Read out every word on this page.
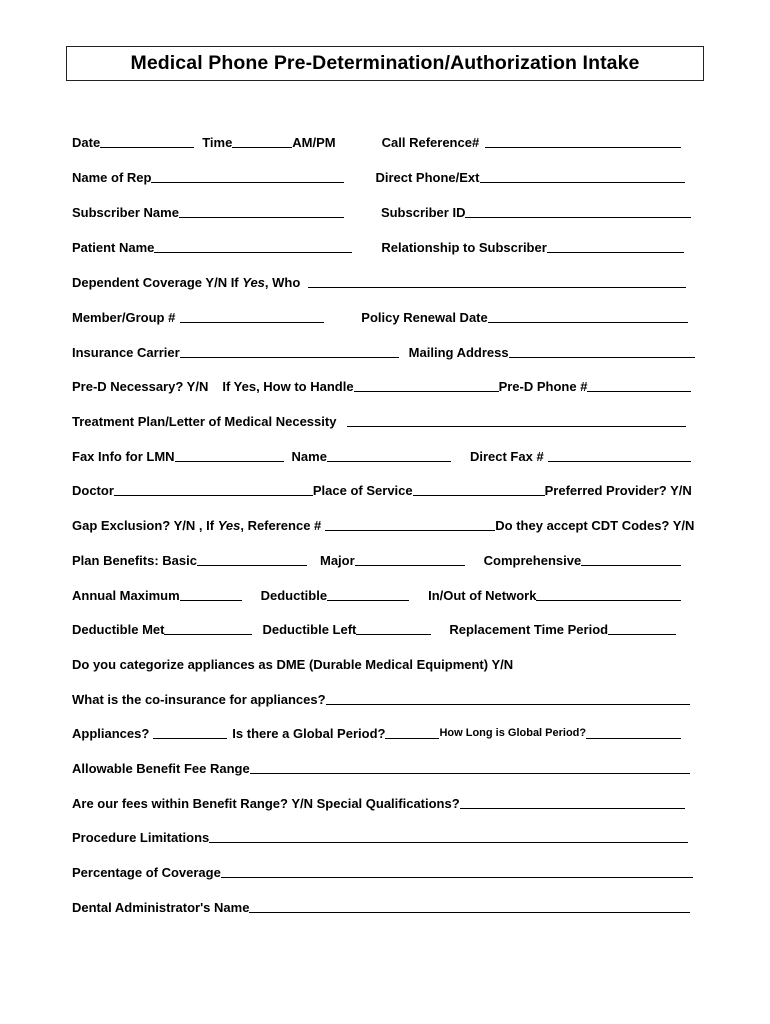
Medical Phone Pre-Determination/Authorization Intake
Date	Time	AM/PM	Call Reference#
Name of Rep	Direct Phone/Ext
Subscriber Name	Subscriber ID
Patient Name	Relationship to Subscriber
Dependent Coverage Y/N If Yes, Who
Member/Group #	Policy Renewal Date
Insurance Carrier	Mailing Address
Pre-D Necessary? Y/N If Yes, How to Handle	Pre-D Phone #
Treatment Plan/Letter of Medical Necessity
Fax Info for LMN	Name	Direct Fax #
Doctor	Place of Service	Preferred Provider? Y/N
Gap Exclusion? Y/N , If Yes, Reference #	Do they accept CDT Codes? Y/N
Plan Benefits: Basic	Major	Comprehensive
Annual Maximum	Deductible	In/Out of Network
Deductible Met	Deductible Left	Replacement Time Period
Do you categorize appliances as DME (Durable Medical Equipment) Y/N
What is the co-insurance for appliances?
Appliances?	Is there a Global Period?	How Long is Global Period?
Allowable Benefit Fee Range
Are our fees within Benefit Range? Y/N Special Qualifications?
Procedure Limitations
Percentage of Coverage
Dental Administrator's Name
